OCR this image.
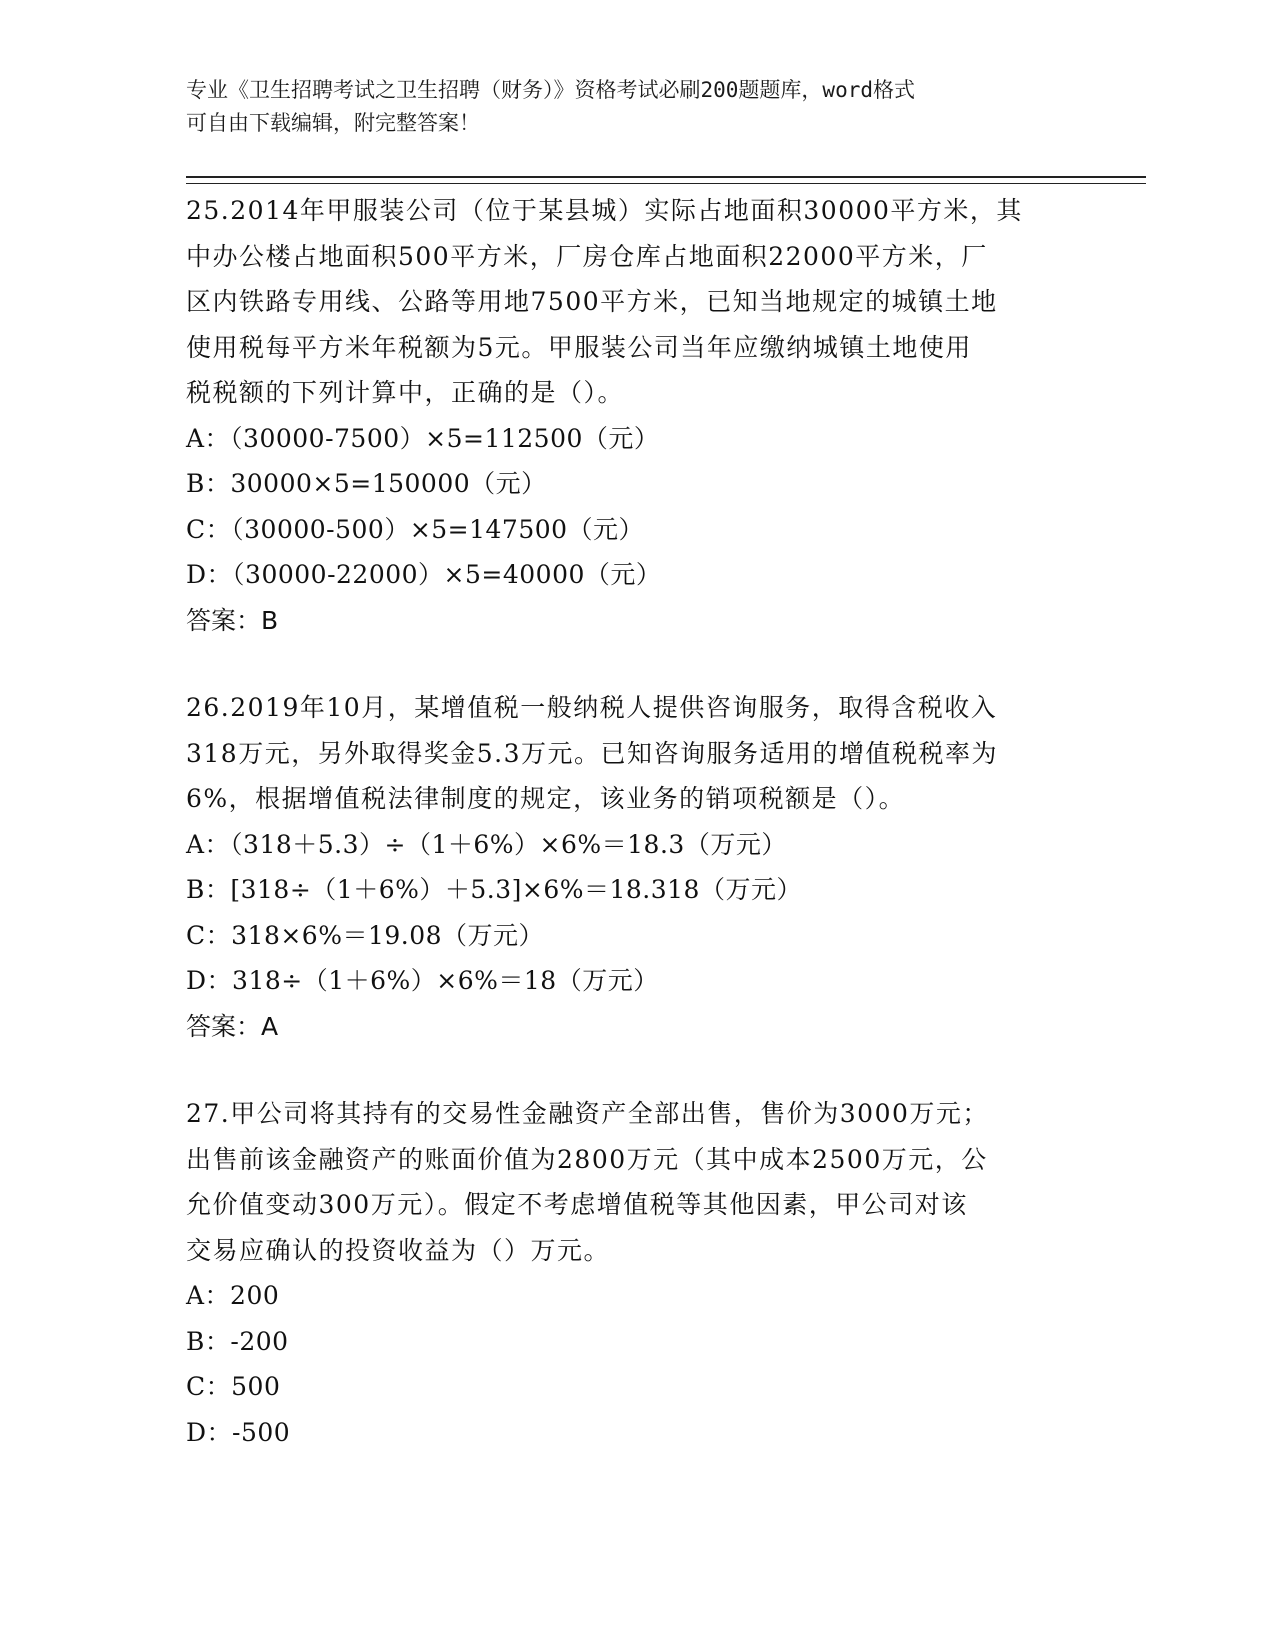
专业《卫生招聘考试之卫生招聘（财务）》资格考试必刷200题题库，word格式
可自由下载编辑，附完整答案！

25.2014年甲服装公司（位于某县城）实际占地面积30000平方米，其

中办公楼占地面积500平方米，厂房仓库占地面积22000平方米，厂

区内铁路专用线、公路等用地7500平方米，已知当地规定的城镇土地

使用税每平方米年税额为5元。甲服装公司当年应缴纳城镇土地使用

税税额的下列计算中，正确的是（）。

A：（30000-7500）×5=112500（元）

B：30000×5=150000（元）

C：（30000-500）×5=147500（元）

D：（30000-22000）×5=40000（元）

答案：B

26.2019年10月，某增值税一般纳税人提供咨询服务，取得含税收入

318万元，另外取得奖金5.3万元。已知咨询服务适用的增值税税率为

6%，根据增值税法律制度的规定，该业务的销项税额是（）。

A：（318＋5.3）÷（1＋6%）×6%＝18.3（万元）

B：[318÷（1＋6%）＋5.3]×6%＝18.318（万元）

C：318×6%＝19.08（万元）

D：318÷（1＋6%）×6%＝18（万元）

答案：A

27.甲公司将其持有的交易性金融资产全部出售，售价为3000万元；

出售前该金融资产的账面价值为2800万元（其中成本2500万元，公

允价值变动300万元）。假定不考虑增值税等其他因素，甲公司对该

交易应确认的投资收益为（）万元。

A：200

B：-200

C：500

D：-500
